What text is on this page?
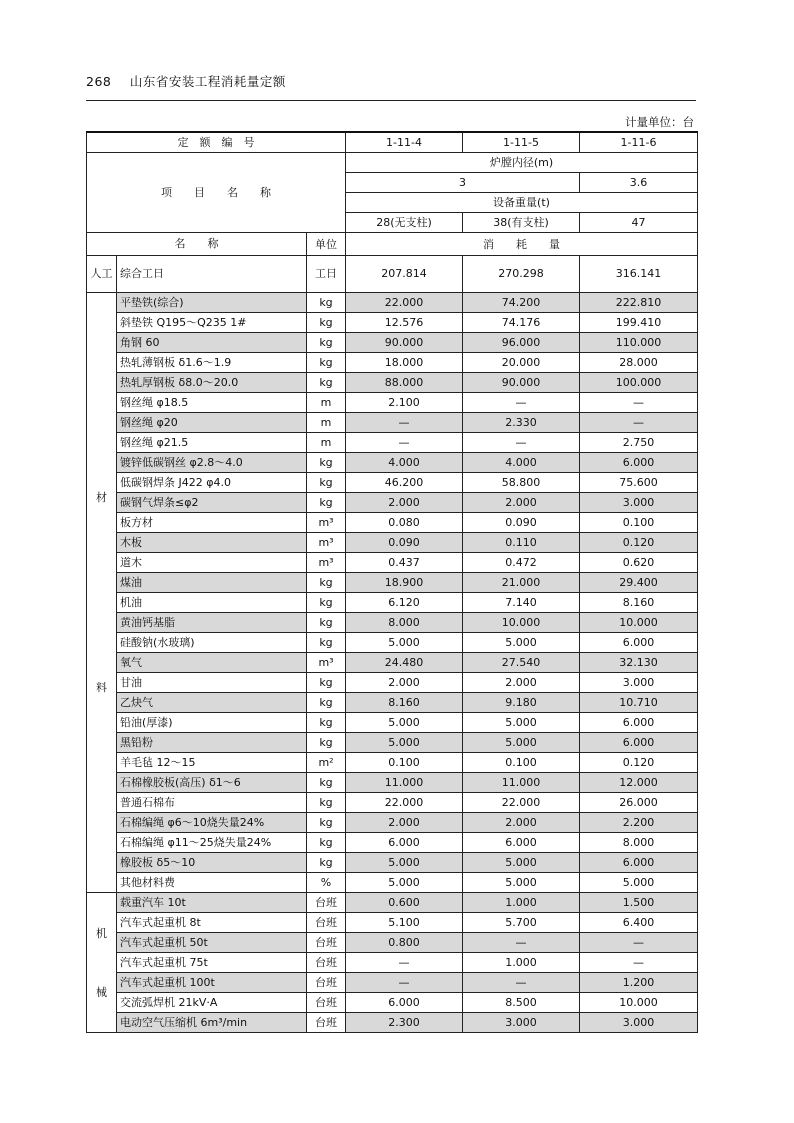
268 山东省安装工程消耗量定额
计量单位：台
定　额　编　号			1-11-4	1-11-5	1-11-6
项　　目　　名　　称			炉膛内径(m)		
			3		3.6
			设备重量(t)		
			28(无支柱)	38(有支柱)	47
名　　称		单位	消　　耗　　量		
人工	综合工日	工日	207.814	270.298	316.141

材
料	平垫铁(综合)	kg	22.000	74.200	222.810
	斜垫铁 Q195～Q235 1#	kg	12.576	74.176	199.410
	角钢 60	kg	90.000	96.000	110.000
	热轧薄钢板 δ1.6～1.9	kg	18.000	20.000	28.000
	热轧厚钢板 δ8.0～20.0	kg	88.000	90.000	100.000
	钢丝绳 φ18.5	m	2.100	—	—
	钢丝绳 φ20	m	—	2.330	—
	钢丝绳 φ21.5	m	—	—	2.750
	镀锌低碳钢丝 φ2.8～4.0	kg	4.000	4.000	6.000
	低碳钢焊条 J422 φ4.0	kg	46.200	58.800	75.600
	碳钢气焊条≤φ2	kg	2.000	2.000	3.000
	板方材	m³	0.080	0.090	0.100
	木板	m³	0.090	0.110	0.120
	道木	m³	0.437	0.472	0.620
	煤油	kg	18.900	21.000	29.400
	机油	kg	6.120	7.140	8.160
	黄油钙基脂	kg	8.000	10.000	10.000
	硅酸钠(水玻璃)	kg	5.000	5.000	6.000
	氧气	m³	24.480	27.540	32.130
	甘油	kg	2.000	2.000	3.000
	乙炔气	kg	8.160	9.180	10.710
	铅油(厚漆)	kg	5.000	5.000	6.000
	黑铅粉	kg	5.000	5.000	6.000
	羊毛毡 12～15	m²	0.100	0.100	0.120
	石棉橡胶板(高压) δ1～6	kg	11.000	11.000	12.000
	普通石棉布	kg	22.000	22.000	26.000
	石棉编绳 φ6～10烧失量24%	kg	2.000	2.000	2.200
	石棉编绳 φ11～25烧失量24%	kg	6.000	6.000	8.000
	橡胶板 δ5～10	kg	5.000	5.000	6.000
	其他材料费	%	5.000	5.000	5.000

机
械	载重汽车 10t	台班	0.600	1.000	1.500
	汽车式起重机 8t	台班	5.100	5.700	6.400
	汽车式起重机 50t	台班	0.800	—	—
	汽车式起重机 75t	台班	—	1.000	—
	汽车式起重机 100t	台班	—	—	1.200
	交流弧焊机 21kV·A	台班	6.000	8.500	10.000
	电动空气压缩机 6m³/min	台班	2.300	3.000	3.000
